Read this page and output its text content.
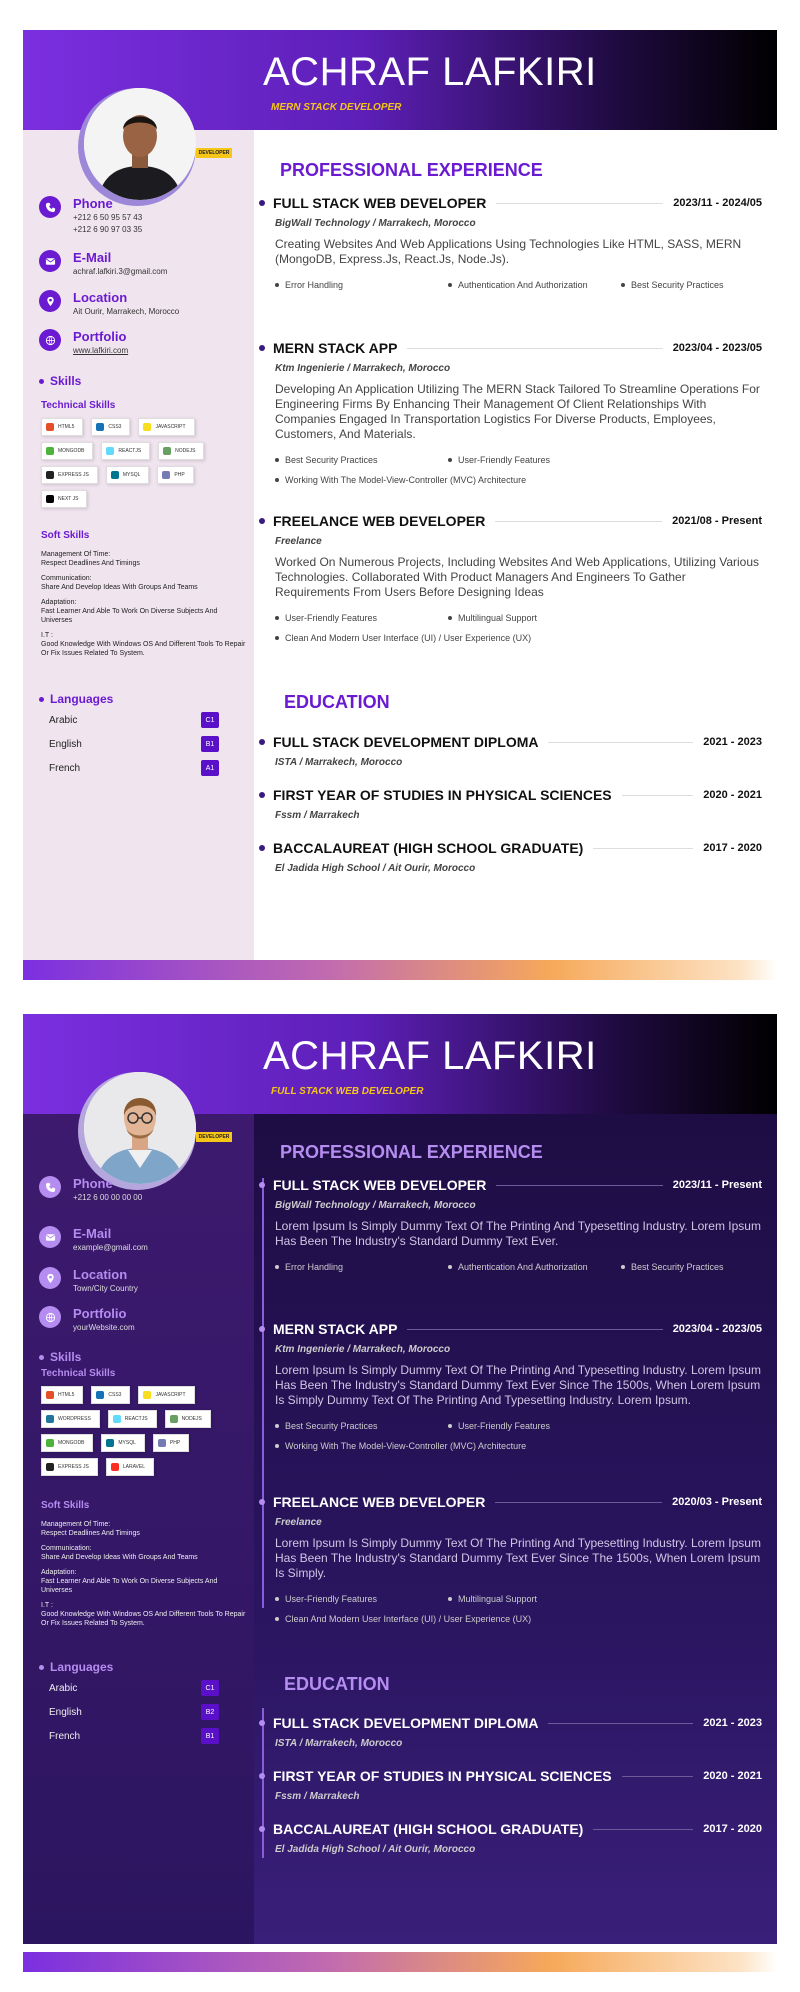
ACHRAF LAFKIRI
MERN STACK DEVELOPER
DEVELOPER
Phone

+212 6 50 95 57 43

+212 6 90 97 03 35

E-Mail

achraf.lafkiri.3@gmail.com

Location

Ait Ourir, Marrakech, Morocco

Portfolio

www.lafkiri.com

Skills
Technical Skills
HTML5	CSS3	JAVASCRIPT
MONGODB	REACTJS	NODEJS
EXPRESS JS	MYSQL	PHP
NEXT JS
Soft Skills

Management Of Time:
Respect Deadlines And Timings

Communication:
Share And Develop Ideas With Groups And Teams

Adaptation:
Fast Learner And Able To Work On Diverse Subjects And Universes

I.T :
Good Knowledge With Windows OS And Different Tools To Repair Or Fix Issues Related To System.

Languages
Arabic	C1
English	B1
French	A1
PROFESSIONAL EXPERIENCE
FULL STACK WEB DEVELOPER	2023/11 - 2024/05
BigWall Technology / Marrakech, Morocco
Creating Websites And Web Applications Using Technologies Like HTML, SASS, MERN (MongoDB, Express.Js, React.Js, Node.Js).
Error Handling	Authentication And Authorization	Best Security Practices
MERN STACK APP	2023/04 - 2023/05
Ktm Ingenierie / Marrakech, Morocco
Developing An Application Utilizing The MERN Stack Tailored To Streamline Operations For Engineering Firms By Enhancing Their Management Of Client Relationships With Companies Engaged In Transportation Logistics For Diverse Products, Employees, Customers, And Materials.
Best Security Practices	User-Friendly Features
Working With The Model-View-Controller (MVC) Architecture
FREELANCE WEB DEVELOPER	2021/08 - Present
Freelance
Worked On Numerous Projects, Including Websites And Web Applications, Utilizing Various Technologies. Collaborated With Product Managers And Engineers To Gather Requirements From Users Before Designing Ideas
User-Friendly Features	Multilingual Support
Clean And Modern User Interface (UI) / User Experience (UX)
EDUCATION
FULL STACK DEVELOPMENT DIPLOMA	2021 - 2023
ISTA / Marrakech, Morocco
FIRST YEAR OF STUDIES IN PHYSICAL SCIENCES	2020 - 2021
Fssm / Marrakech
BACCALAUREAT (HIGH SCHOOL GRADUATE)	2017 - 2020
El Jadida High School / Ait Ourir, Morocco
ACHRAF LAFKIRI
FULL STACK WEB DEVELOPER
DEVELOPER
Phone

+212 6 00 00 00 00

E-Mail

example@gmail.com

Location

Town/City Country

Portfolio

yourWebsite.com

Skills
Technical Skills
HTML5	CSS3	JAVASCRIPT
WORDPRESS	REACTJS	NODEJS
MONGODB	MYSQL	PHP
EXPRESS JS	LARAVEL
Soft Skills

Management Of Time:
Respect Deadlines And Timings

Communication:
Share And Develop Ideas With Groups And Teams

Adaptation:
Fast Learner And Able To Work On Diverse Subjects And Universes

I.T :
Good Knowledge With Windows OS And Different Tools To Repair Or Fix Issues Related To System.

Languages
Arabic	C1
English	B2
French	B1
PROFESSIONAL EXPERIENCE
FULL STACK WEB DEVELOPER	2023/11 - Present
BigWall Technology / Marrakech, Morocco
Lorem Ipsum Is Simply Dummy Text Of The Printing And Typesetting Industry. Lorem Ipsum Has Been The Industry's Standard Dummy Text Ever.
Error Handling	Authentication And Authorization	Best Security Practices
MERN STACK APP	2023/04 - 2023/05
Ktm Ingenierie / Marrakech, Morocco
Lorem Ipsum Is Simply Dummy Text Of The Printing And Typesetting Industry. Lorem Ipsum Has Been The Industry's Standard Dummy Text Ever Since The 1500s, When Lorem Ipsum Is Simply Dummy Text Of The Printing And Typesetting Industry. Lorem Ipsum.
Best Security Practices	User-Friendly Features
Working With The Model-View-Controller (MVC) Architecture
FREELANCE WEB DEVELOPER	2020/03 - Present
Freelance
Lorem Ipsum Is Simply Dummy Text Of The Printing And Typesetting Industry. Lorem Ipsum Has Been The Industry's Standard Dummy Text Ever Since The 1500s, When Lorem Ipsum Is Simply.
User-Friendly Features	Multilingual Support
Clean And Modern User Interface (UI) / User Experience (UX)
EDUCATION
FULL STACK DEVELOPMENT DIPLOMA	2021 - 2023
ISTA / Marrakech, Morocco
FIRST YEAR OF STUDIES IN PHYSICAL SCIENCES	2020 - 2021
Fssm / Marrakech
BACCALAUREAT (HIGH SCHOOL GRADUATE)	2017 - 2020
El Jadida High School / Ait Ourir, Morocco
